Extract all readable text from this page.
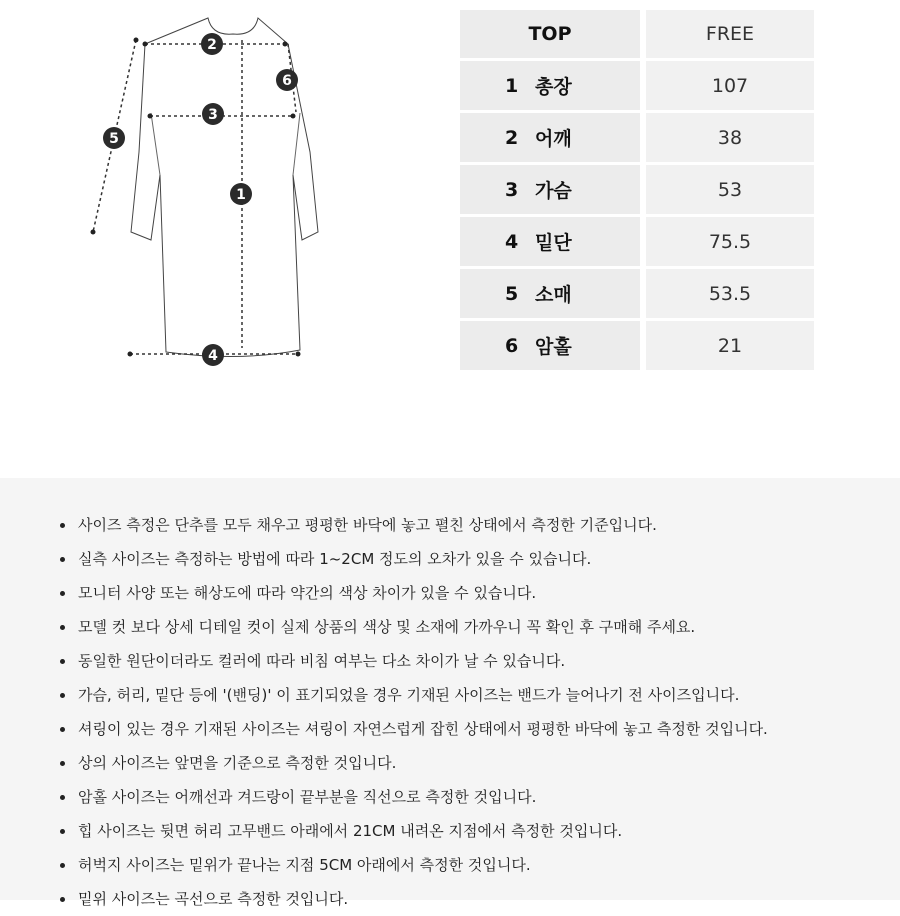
1
2
3
4
5
6
TOP	FREE
1 총장	107
2 어깨	38
3 가슴	53
4 밑단	75.5
5 소매	53.5
6 암홀	21
사이즈 측정은 단추를 모두 채우고 평평한 바닥에 놓고 펼친 상태에서 측정한 기준입니다.
실측 사이즈는 측정하는 방법에 따라 1~2CM 정도의 오차가 있을 수 있습니다.
모니터 사양 또는 해상도에 따라 약간의 색상 차이가 있을 수 있습니다.
모델 컷 보다 상세 디테일 컷이 실제 상품의 색상 및 소재에 가까우니 꼭 확인 후 구매해 주세요.
동일한 원단이더라도 컬러에 따라 비침 여부는 다소 차이가 날 수 있습니다.
가슴, 허리, 밑단 등에 '(밴딩)' 이 표기되었을 경우 기재된 사이즈는 밴드가 늘어나기 전 사이즈입니다.
셔링이 있는 경우 기재된 사이즈는 셔링이 자연스럽게 잡힌 상태에서 평평한 바닥에 놓고 측정한 것입니다.
상의 사이즈는 앞면을 기준으로 측정한 것입니다.
암홀 사이즈는 어깨선과 겨드랑이 끝부분을 직선으로 측정한 것입니다.
힙 사이즈는 뒷면 허리 고무밴드 아래에서 21CM 내려온 지점에서 측정한 것입니다.
허벅지 사이즈는 밑위가 끝나는 지점 5CM 아래에서 측정한 것입니다.
밑위 사이즈는 곡선으로 측정한 것입니다.
